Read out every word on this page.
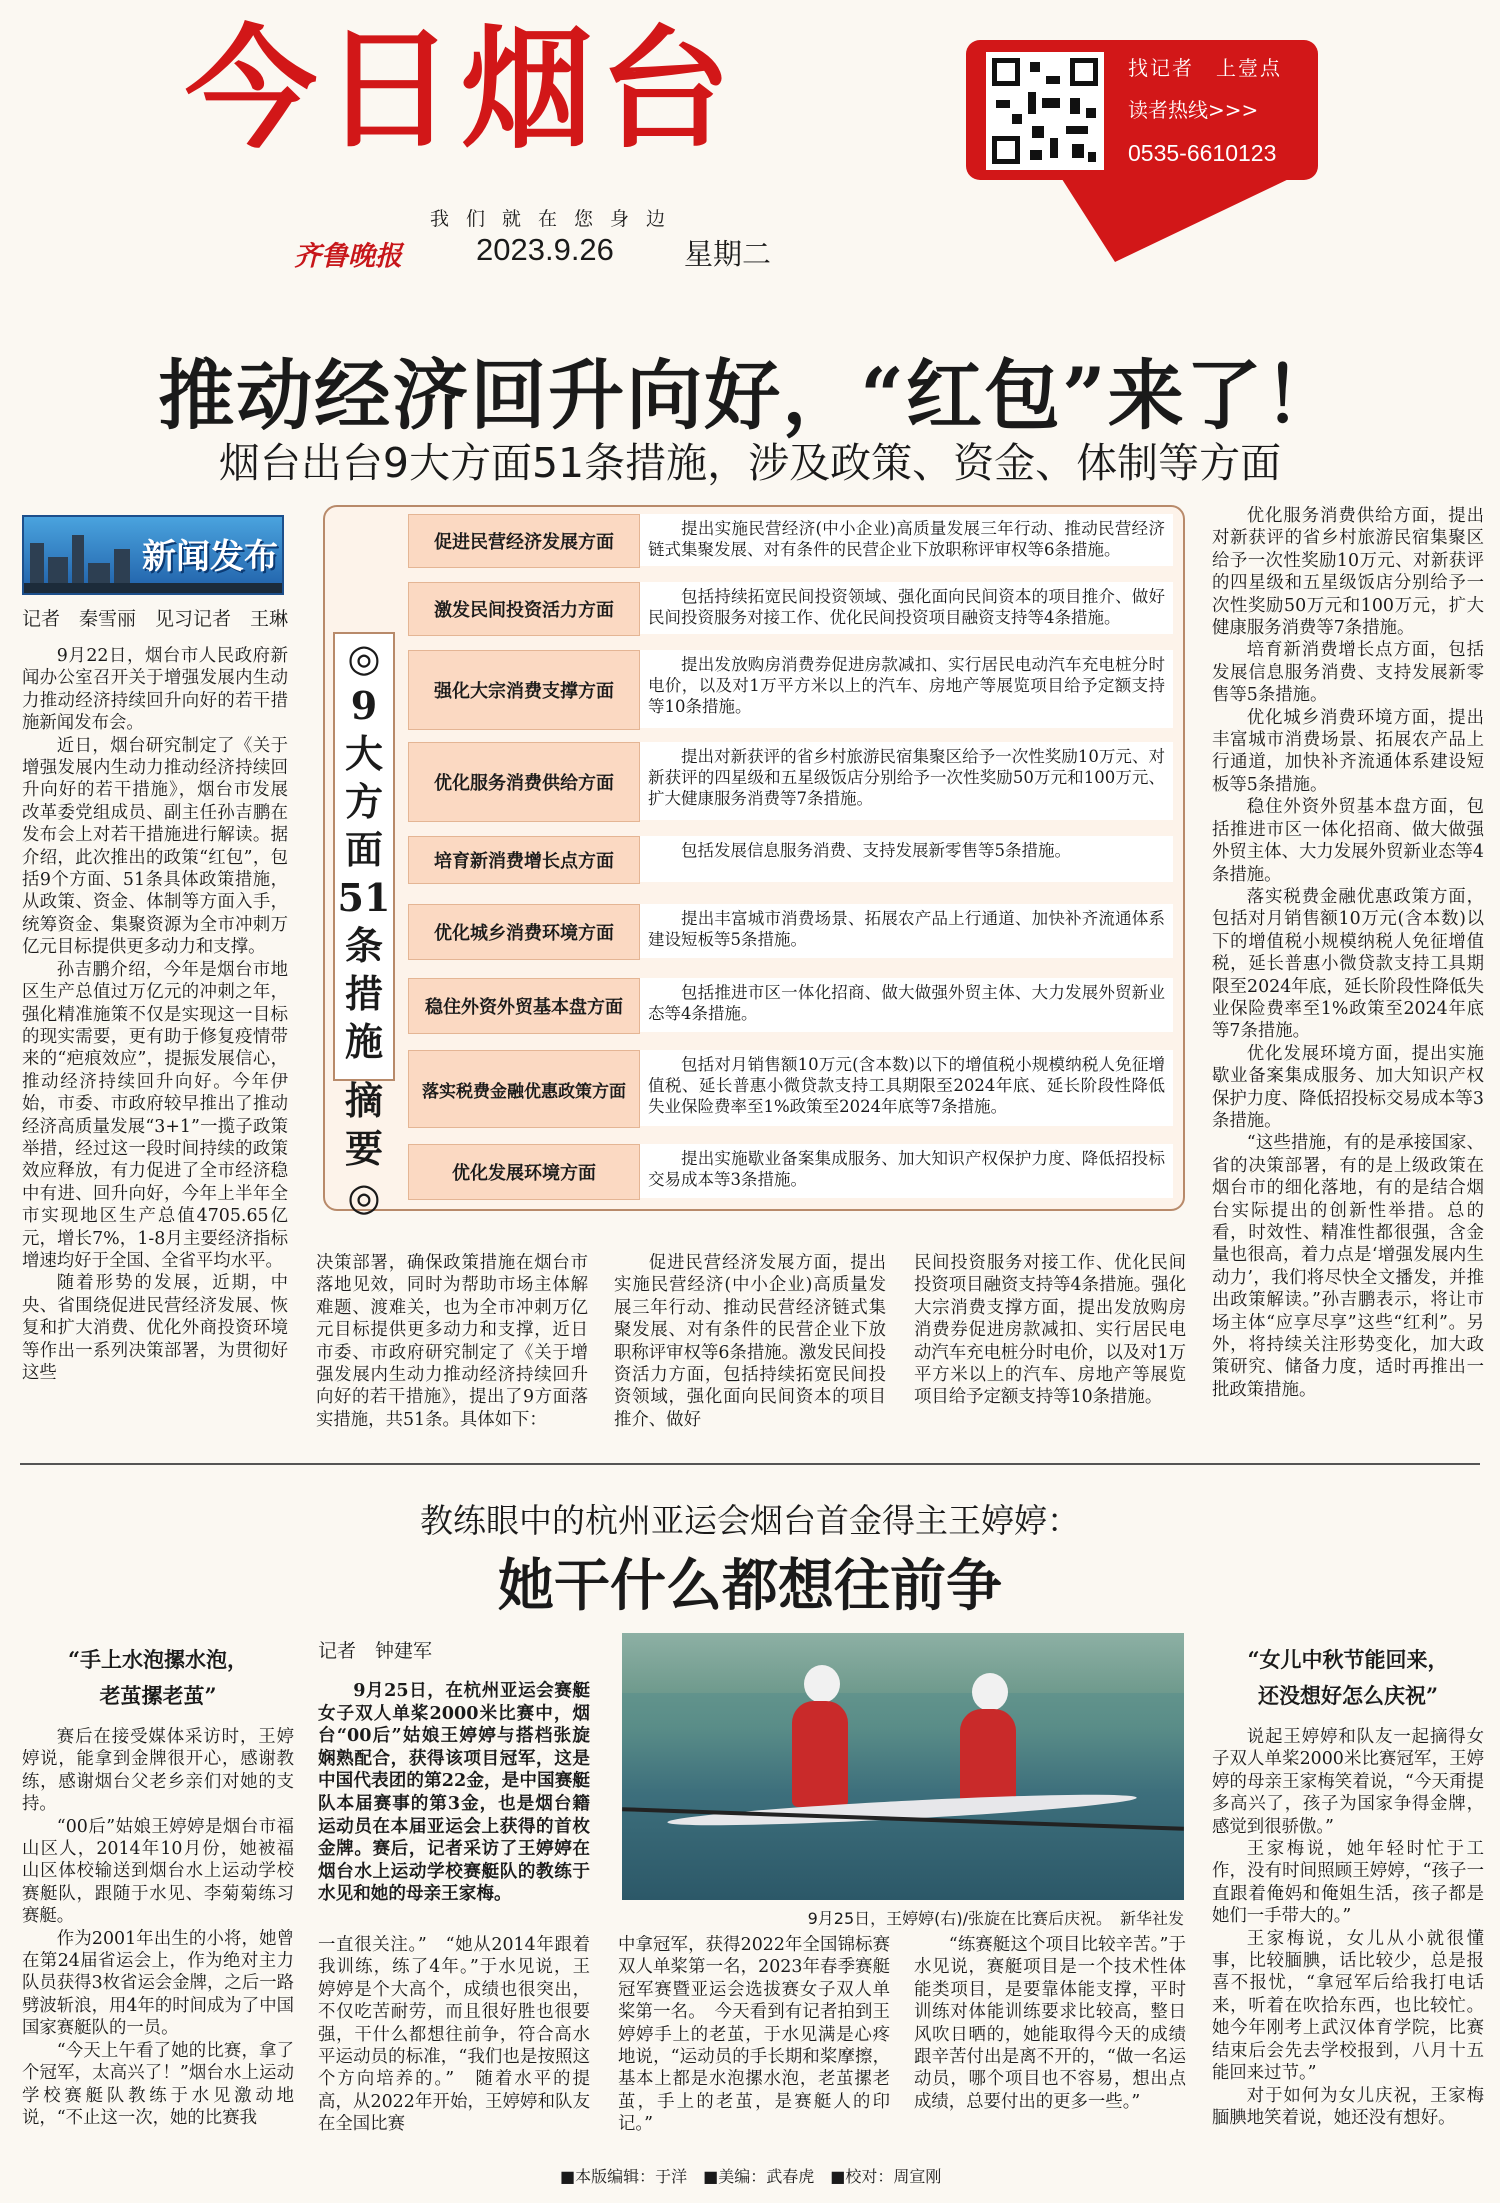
今日烟台
我们就在您身边
齐鲁晚报 2023.9.26 星期二
找记者　上壹点
读者热线>>>
0535-6610123
推动经济回升向好，“红包”来了！
烟台出台9大方面51条措施，涉及政策、资金、体制等方面
新闻发布
记者　秦雪丽　见习记者　王琳

9月22日，烟台市人民政府新闻办公室召开关于增强发展内生动力推动经济持续回升向好的若干措施新闻发布会。

近日，烟台研究制定了《关于增强发展内生动力推动经济持续回升向好的若干措施》，烟台市发展改革委党组成员、副主任孙吉鹏在发布会上对若干措施进行解读。据介绍，此次推出的政策“红包”，包括9个方面、51条具体政策措施，从政策、资金、体制等方面入手，统筹资金、集聚资源为全市冲刺万亿元目标提供更多动力和支撑。

孙吉鹏介绍，今年是烟台市地区生产总值过万亿元的冲刺之年，强化精准施策不仅是实现这一目标的现实需要，更有助于修复疫情带来的“疤痕效应”，提振发展信心，推动经济持续回升向好。今年伊始，市委、市政府较早推出了推动经济高质量发展“3+1”一揽子政策举措，经过这一段时间持续的政策效应释放，有力促进了全市经济稳中有进、回升向好，今年上半年全市实现地区生产总值4705.65亿元，增长7%，1-8月主要经济指标增速均好于全国、全省平均水平。

随着形势的发展，近期，中央、省围绕促进民营经济发展、恢复和扩大消费、优化外商投资环境等作出一系列决策部署，为贯彻好这些

◎
9
大
方
面
51
条
措
施
摘
要
◎
促进民营经济发展方面
提出实施民营经济(中小企业)高质量发展三年行动、推动民营经济链式集聚发展、对有条件的民营企业下放职称评审权等6条措施。
激发民间投资活力方面
包括持续拓宽民间投资领域、强化面向民间资本的项目推介、做好民间投资服务对接工作、优化民间投资项目融资支持等4条措施。
强化大宗消费支撑方面
提出发放购房消费券促进房款减扣、实行居民电动汽车充电桩分时电价，以及对1万平方米以上的汽车、房地产等展览项目给予定额支持等10条措施。
优化服务消费供给方面
提出对新获评的省乡村旅游民宿集聚区给予一次性奖励10万元、对新获评的四星级和五星级饭店分别给予一次性奖励50万元和100万元、扩大健康服务消费等7条措施。
培育新消费增长点方面
包括发展信息服务消费、支持发展新零售等5条措施。
优化城乡消费环境方面
提出丰富城市消费场景、拓展农产品上行通道、加快补齐流通体系建设短板等5条措施。
稳住外资外贸基本盘方面
包括推进市区一体化招商、做大做强外贸主体、大力发展外贸新业态等4条措施。
落实税费金融优惠政策方面
包括对月销售额10万元(含本数)以下的增值税小规模纳税人免征增值税、延长普惠小微贷款支持工具期限至2024年底、延长阶段性降低失业保险费率至1%政策至2024年底等7条措施。
优化发展环境方面
提出实施歇业备案集成服务、加大知识产权保护力度、降低招投标交易成本等3条措施。

决策部署，确保政策措施在烟台市落地见效，同时为帮助市场主体解难题、渡难关，也为全市冲刺万亿元目标提供更多动力和支撑，近日市委、市政府研究制定了《关于增强发展内生动力推动经济持续回升向好的若干措施》，提出了9方面落实措施，共51条。具体如下：

促进民营经济发展方面，提出实施民营经济(中小企业)高质量发展三年行动、推动民营经济链式集聚发展、对有条件的民营企业下放职称评审权等6条措施。激发民间投资活力方面，包括持续拓宽民间投资领域，强化面向民间资本的项目推介、做好

民间投资服务对接工作、优化民间投资项目融资支持等4条措施。强化大宗消费支撑方面，提出发放购房消费券促进房款减扣、实行居民电动汽车充电桩分时电价，以及对1万平方米以上的汽车、房地产等展览项目给予定额支持等10条措施。

优化服务消费供给方面，提出对新获评的省乡村旅游民宿集聚区给予一次性奖励10万元、对新获评的四星级和五星级饭店分别给予一次性奖励50万元和100万元，扩大健康服务消费等7条措施。

培育新消费增长点方面，包括发展信息服务消费、支持发展新零售等5条措施。

优化城乡消费环境方面，提出丰富城市消费场景、拓展农产品上行通道，加快补齐流通体系建设短板等5条措施。

稳住外资外贸基本盘方面，包括推进市区一体化招商、做大做强外贸主体、大力发展外贸新业态等4条措施。

落实税费金融优惠政策方面，包括对月销售额10万元(含本数)以下的增值税小规模纳税人免征增值税，延长普惠小微贷款支持工具期限至2024年底，延长阶段性降低失业保险费率至1%政策至2024年底等7条措施。

优化发展环境方面，提出实施歇业备案集成服务、加大知识产权保护力度、降低招投标交易成本等3条措施。

“这些措施，有的是承接国家、省的决策部署，有的是上级政策在烟台市的细化落地，有的是结合烟台实际提出的创新性举措。总的看，时效性、精准性都很强，含金量也很高，着力点是‘增强发展内生动力’，我们将尽快全文播发，并推出政策解读。”孙吉鹏表示，将让市场主体“应享尽享”这些“红利”。另外，将持续关注形势变化，加大政策研究、储备力度，适时再推出一批政策措施。

教练眼中的杭州亚运会烟台首金得主王婷婷：
她干什么都想往前争
“手上水泡摞水泡，
老茧摞老茧”

赛后在接受媒体采访时，王婷婷说，能拿到金牌很开心，感谢教练，感谢烟台父老乡亲们对她的支持。

“00后”姑娘王婷婷是烟台市福山区人，2014年10月份，她被福山区体校输送到烟台水上运动学校赛艇队，跟随于水见、李菊菊练习赛艇。

作为2001年出生的小将，她曾在第24届省运会上，作为绝对主力队员获得3枚省运会金牌，之后一路劈波斩浪，用4年的时间成为了中国国家赛艇队的一员。

“今天上午看了她的比赛，拿了个冠军，太高兴了！”烟台水上运动学校赛艇队教练于水见激动地说，“不止这一次，她的比赛我

记者　钟建军

9月25日，在杭州亚运会赛艇女子双人单桨2000米比赛中，烟台“00后”姑娘王婷婷与搭档张旋娴熟配合，获得该项目冠军，这是中国代表团的第22金，是中国赛艇队本届赛事的第3金，也是烟台籍运动员在本届亚运会上获得的首枚金牌。赛后，记者采访了王婷婷在烟台水上运动学校赛艇队的教练于水见和她的母亲王家梅。

9月25日，王婷婷(右)/张旋在比赛后庆祝。　新华社发

一直很关注。”　“她从2014年跟着我训练，练了4年。”于水见说，王婷婷是个大高个，成绩也很突出，不仅吃苦耐劳，而且很好胜也很要强，干什么都想往前争，符合高水平运动员的标准，“我们也是按照这个方向培养的。”　随着水平的提高，从2022年开始，王婷婷和队友在全国比赛

中拿冠军，获得2022年全国锦标赛双人单桨第一名，2023年春季赛艇冠军赛暨亚运会选拔赛女子双人单桨第一名。　今天看到有记者拍到王婷婷手上的老茧，于水见满是心疼地说，“运动员的手长期和桨摩擦，基本上都是水泡摞水泡，老茧摞老茧，手上的老茧，是赛艇人的印记。”

“练赛艇这个项目比较辛苦。”于水见说，赛艇项目是一个技术性体能类项目，是要靠体能支撑，平时训练对体能训练要求比较高，整日风吹日晒的，她能取得今天的成绩跟辛苦付出是离不开的，“做一名运动员，哪个项目也不容易，想出点成绩，总要付出的更多一些。”

“女儿中秋节能回来，
还没想好怎么庆祝”

说起王婷婷和队友一起摘得女子双人单桨2000米比赛冠军，王婷婷的母亲王家梅笑着说，“今天甭提多高兴了，孩子为国家争得金牌，感觉到很骄傲。”

王家梅说，她年轻时忙于工作，没有时间照顾王婷婷，“孩子一直跟着俺妈和俺姐生活，孩子都是她们一手带大的。”

王家梅说，女儿从小就很懂事，比较腼腆，话比较少，总是报喜不报忧，“拿冠军后给我打电话来，听着在吹拾东西，也比较忙。她今年刚考上武汉体育学院，比赛结束后会先去学校报到，八月十五能回来过节。”

对于如何为女儿庆祝，王家梅腼腆地笑着说，她还没有想好。

■本版编辑：于洋　■美编：武春虎　■校对：周宣刚
